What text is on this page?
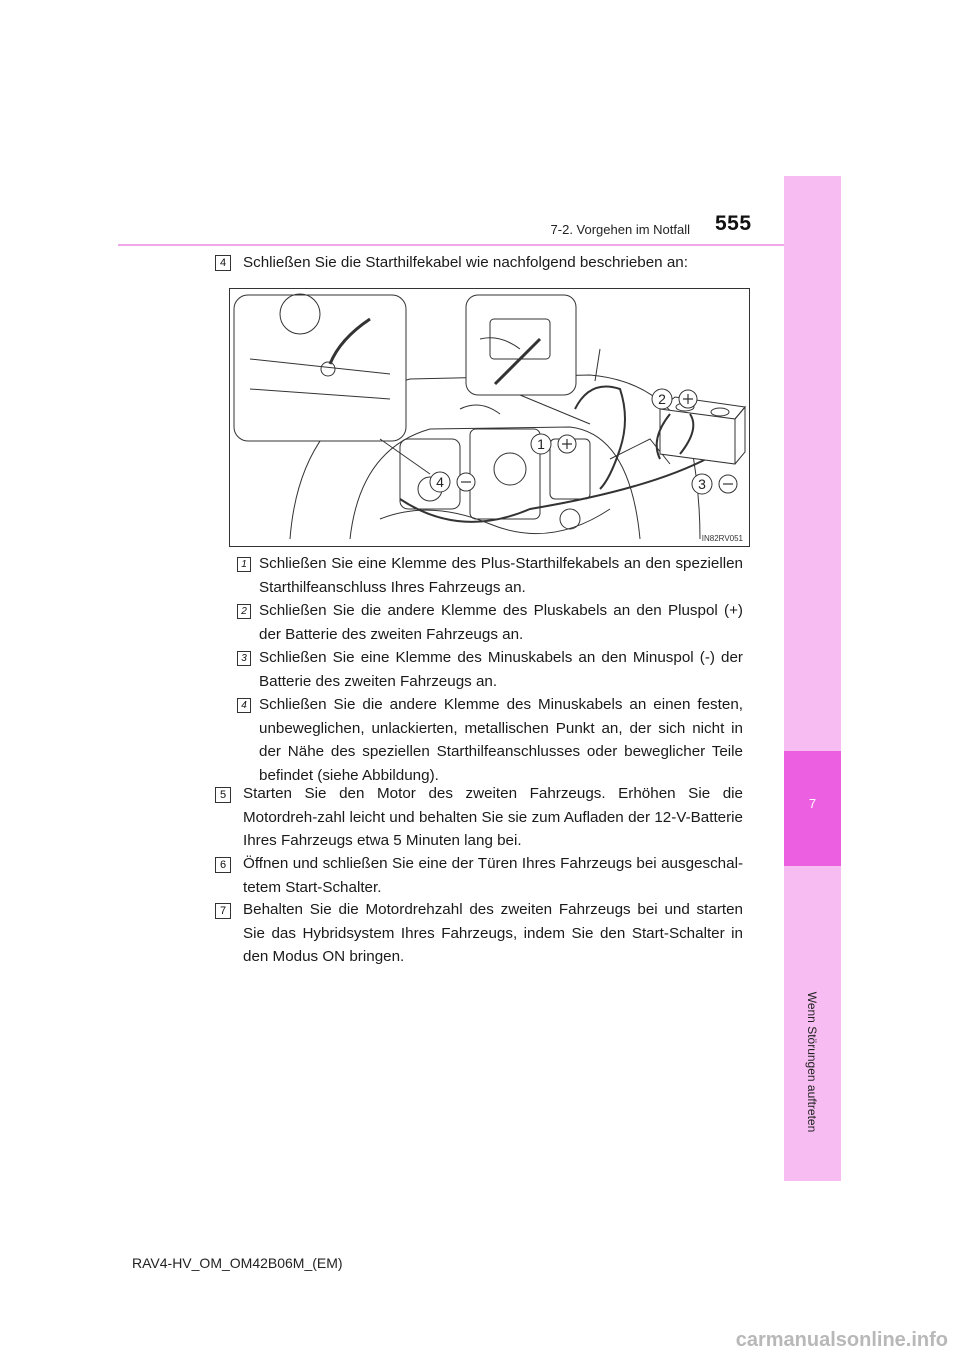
7
Wenn Störungen auftreten
7-2. Vorgehen im Notfall 555
4	Schließen Sie die Starthilfekabel wie nachfolgend beschrieben an:
1
2
3
4
IN82RV051
1 Schließen Sie eine Klemme des Plus-Starthilfekabels an den speziellen Starthilfeanschluss Ihres Fahrzeugs an.
2 Schließen Sie die andere Klemme des Pluskabels an den Pluspol (+) der Batterie des zweiten Fahrzeugs an.
3 Schließen Sie eine Klemme des Minuskabels an den Minuspol (-) der Batterie des zweiten Fahrzeugs an.
4 Schließen Sie die andere Klemme des Minuskabels an einen festen, unbeweglichen, unlackierten, metallischen Punkt an, der sich nicht in der Nähe des speziellen Starthilfeanschlusses oder beweglicher Teile befindet (siehe Abbildung).
5	Starten Sie den Motor des zweiten Fahrzeugs. Erhöhen Sie die Motordreh-zahl leicht und behalten Sie sie zum Aufladen der 12-V-Batterie Ihres Fahrzeugs etwa 5 Minuten lang bei.
6	Öffnen und schließen Sie eine der Türen Ihres Fahrzeugs bei ausgeschal-tetem Start-Schalter.
7	Behalten Sie die Motordrehzahl des zweiten Fahrzeugs bei und starten Sie das Hybridsystem Ihres Fahrzeugs, indem Sie den Start-Schalter in den Modus ON bringen.
RAV4-HV_OM_OM42B06M_(EM)
carmanualsonline.info
